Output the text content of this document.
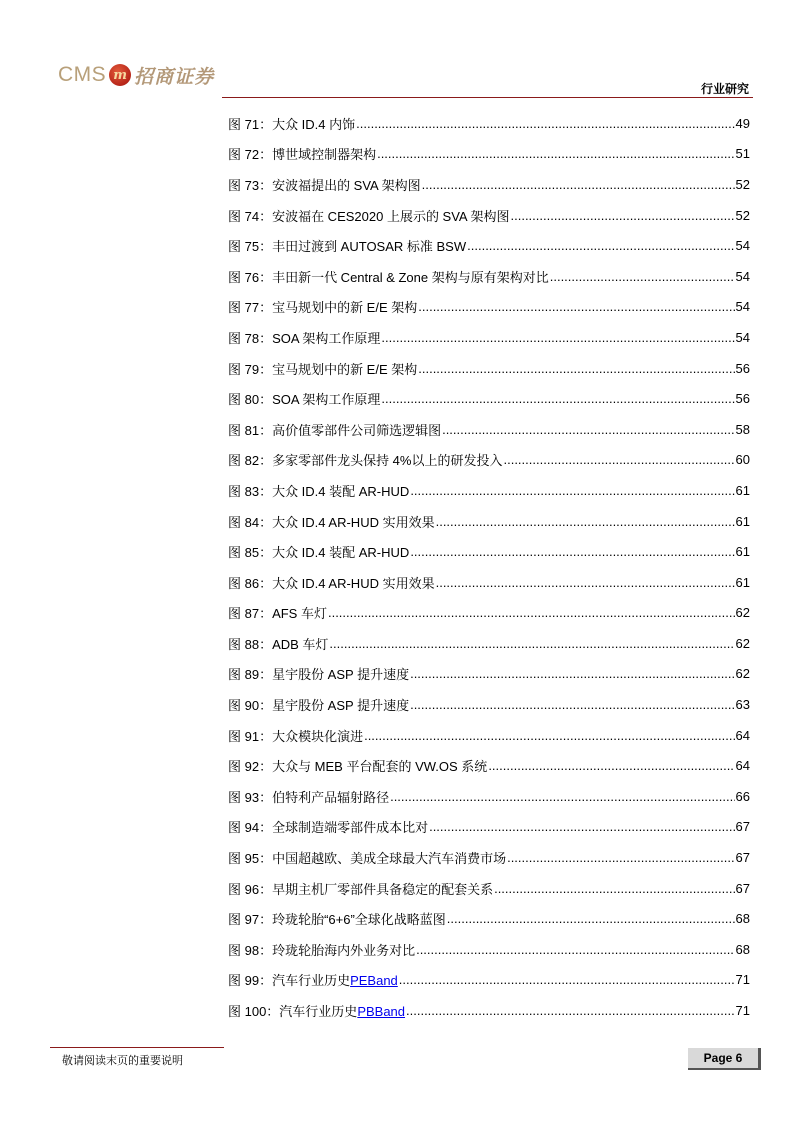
CMS m 招商证券
行业研究
图 71：大众 ID.4 内饰 .....	49
图 72：博世域控制器架构 .....	51
图 73：安波福提出的 SVA 架构图 .....	52
图 74：安波福在 CES2020 上展示的 SVA 架构图 .....	52
图 75：丰田过渡到 AUTOSAR 标准 BSW .....	54
图 76：丰田新一代 Central & Zone 架构与原有架构对比 .....	54
图 77：宝马规划中的新 E/E 架构 .....	54
图 78：SOA 架构工作原理 .....	54
图 79：宝马规划中的新 E/E 架构 .....	56
图 80：SOA 架构工作原理 .....	56
图 81：高价值零部件公司筛选逻辑图 .....	58
图 82：多家零部件龙头保持 4%以上的研发投入 .....	60
图 83：大众 ID.4 装配 AR-HUD .....	61
图 84：大众 ID.4 AR-HUD 实用效果 .....	61
图 85：大众 ID.4 装配 AR-HUD .....	61
图 86：大众 ID.4 AR-HUD 实用效果 .....	61
图 87：AFS 车灯 .....	62
图 88：ADB 车灯 .....	62
图 89：星宇股份 ASP 提升速度 .....	62
图 90：星宇股份 ASP 提升速度 .....	63
图 91：大众模块化演进 .....	64
图 92：大众与 MEB 平台配套的 VW.OS 系统 .....	64
图 93：伯特利产品辐射路径 .....	66
图 94：全球制造端零部件成本比对 .....	67
图 95：中国超越欧、美成全球最大汽车消费市场 .....	67
图 96：早期主机厂零部件具备稳定的配套关系 .....	67
图 97：玲珑轮胎“6+6”全球化战略蓝图 .....	68
图 98：玲珑轮胎海内外业务对比 .....	68
图 99：汽车行业历史PEBand .....	71
图 100：汽车行业历史PBBand .....	71
敬请阅读末页的重要说明	Page 6
